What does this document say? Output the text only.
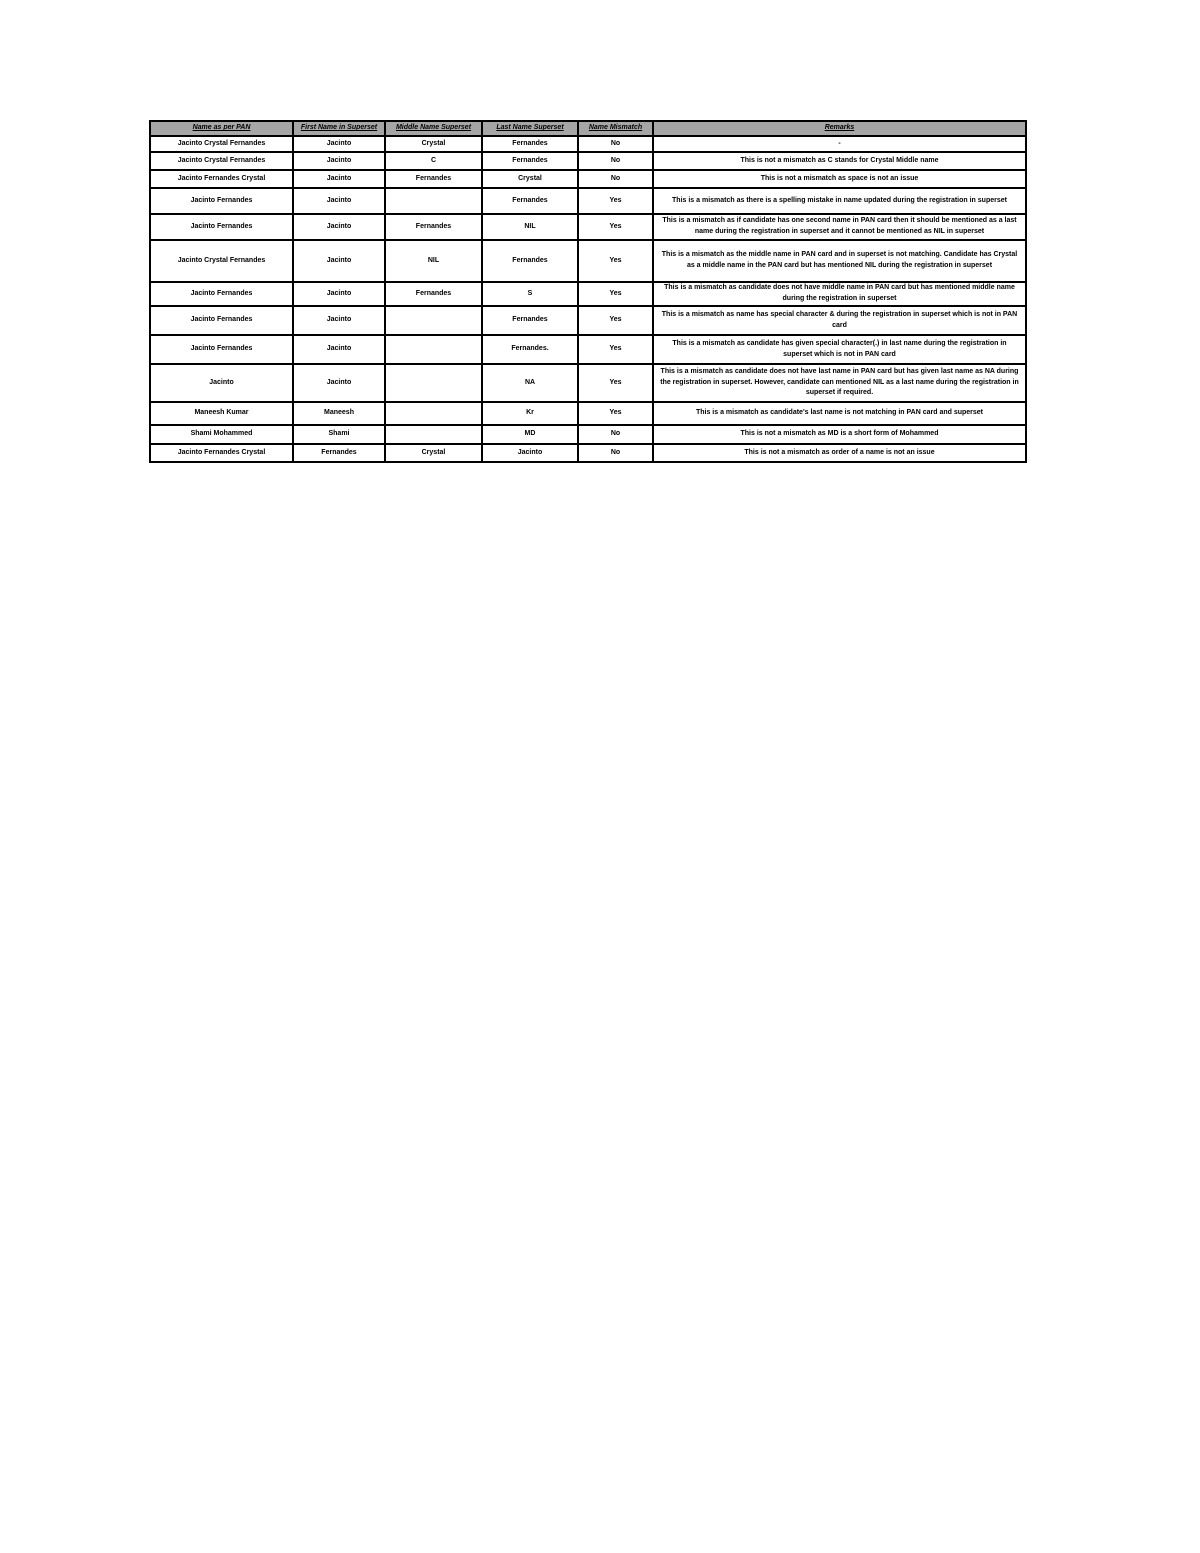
Name as per PAN	First Name in Superset	Middle Name Superset	Last Name Superset	Name Mismatch	Remarks
Jacinto Crystal Fernandes	Jacinto	Crystal	Fernandes	No	-
Jacinto Crystal Fernandes	Jacinto	C	Fernandes	No	This is not a mismatch as C stands for Crystal Middle name
Jacinto Fernandes Crystal	Jacinto	Fernandes	Crystal	No	This is not a mismatch as space is not an issue
Jacinto Fernandes	Jacinto		Fernandes	Yes	This is a mismatch as there is a spelling mistake in name updated during the registration in superset
Jacinto Fernandes	Jacinto	Fernandes	NIL	Yes	This is a mismatch as if candidate has one second name in PAN card then it should be mentioned as a last name during the registration in superset and it cannot be mentioned as NIL in superset
Jacinto Crystal Fernandes	Jacinto	NIL	Fernandes	Yes	This is a mismatch as the middle name in PAN card and in superset is not matching. Candidate has Crystal as a middle name in the PAN card but has mentioned NIL during the registration in superset
Jacinto Fernandes	Jacinto	Fernandes	S	Yes	This is a mismatch as candidate does not have middle name in PAN card but has mentioned middle name during the registration in superset
Jacinto Fernandes	Jacinto		Fernandes	Yes	This is a mismatch as name has special character & during the registration in superset which is not in PAN card
Jacinto Fernandes	Jacinto		Fernandes.	Yes	This is a mismatch as candidate has given special character(.) in last name during the registration in superset which is not in PAN card
Jacinto	Jacinto		NA	Yes	This is a mismatch as candidate does not have last name in PAN card but has given last name as NA during the registration in superset. However, candidate can mentioned NIL as a last name during the registration in superset if required.
Maneesh Kumar	Maneesh		Kr	Yes	This is a mismatch as candidate's last name is not matching in PAN card and superset
Shami Mohammed	Shami		MD	No	This is not a mismatch as MD is a short form of Mohammed
Jacinto Fernandes Crystal	Fernandes	Crystal	Jacinto	No	This is not a mismatch as order of a name is not an issue
